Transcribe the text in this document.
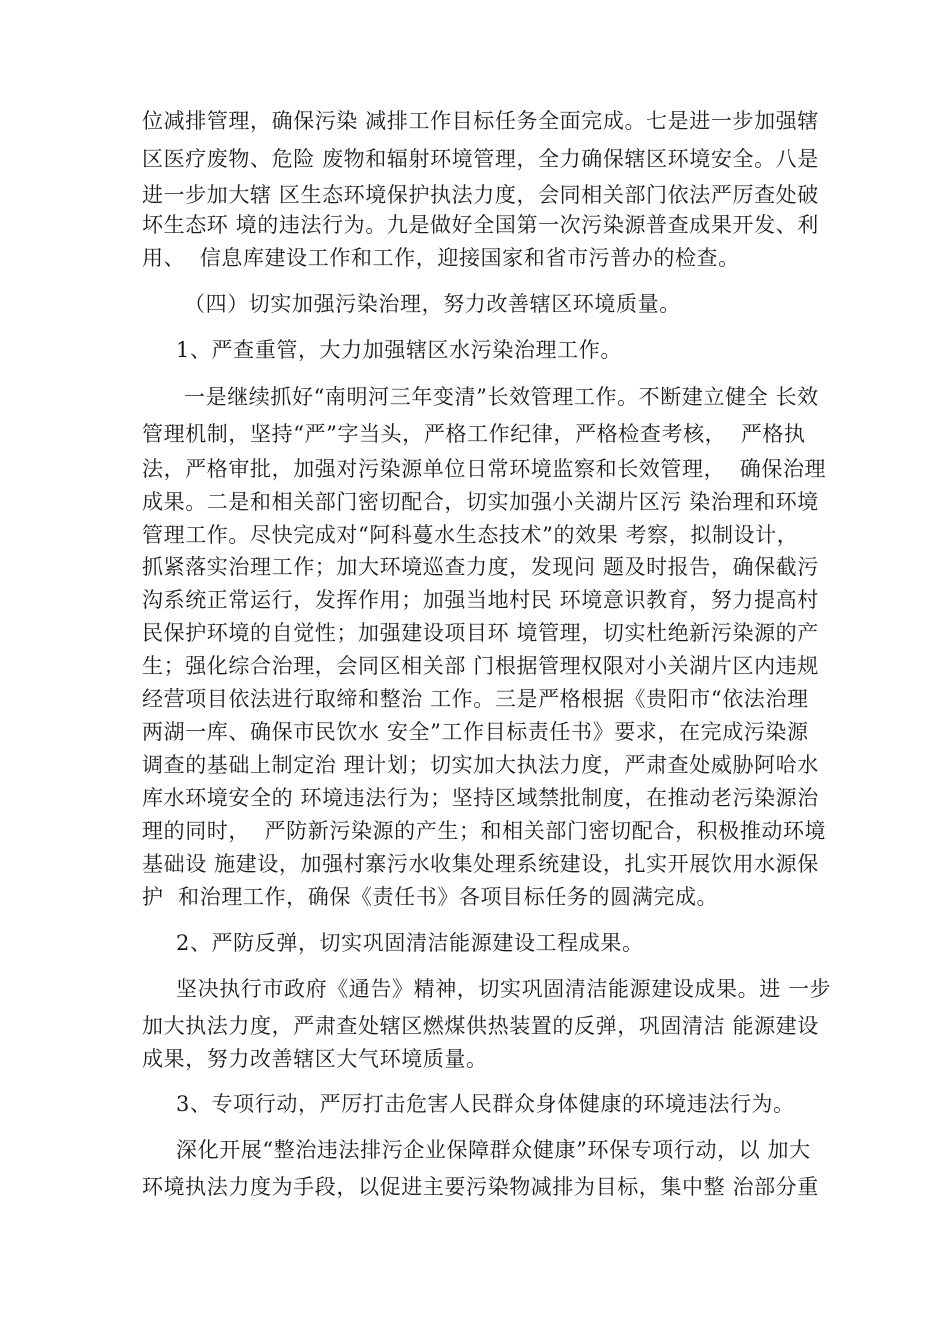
位减排管理，确保污染 减排工作目标任务全面完成。七是进一步加强辖
区医疗废物、危险 废物和辐射环境管理，全力确保辖区环境安全。八是
进一步加大辖 区生态环境保护执法力度，会同相关部门依法严厉查处破
坏生态环 境的违法行为。九是做好全国第一次污染源普查成果开发、利
用、  信息库建设工作和工作，迎接国家和省市污普办的检查。
（四）切实加强污染治理，努力改善辖区环境质量。
1、严查重管，大力加强辖区水污染治理工作。
一是继续抓好“南明河三年变清”长效管理工作。不断建立健全 长效
管理机制，坚持“严”字当头，严格工作纪律，严格检查考核，  严格执
法，严格审批，加强对污染源单位日常环境监察和长效管理，  确保治理
成果。二是和相关部门密切配合，切实加强小关湖片区污 染治理和环境
管理工作。尽快完成对“阿科蔓水生态技术”的效果 考察，拟制设计，
抓紧落实治理工作；加大环境巡查力度，发现问 题及时报告，确保截污
沟系统正常运行，发挥作用；加强当地村民 环境意识教育，努力提高村
民保护环境的自觉性；加强建设项目环 境管理，切实杜绝新污染源的产
生；强化综合治理，会同区相关部 门根据管理权限对小关湖片区内违规
经营项目依法进行取缔和整治 工作。三是严格根据《贵阳市“依法治理
两湖一库、确保市民饮水 安全”工作目标责任书》要求，在完成污染源
调查的基础上制定治 理计划；切实加大执法力度，严肃查处威胁阿哈水
库水环境安全的 环境违法行为；坚持区域禁批制度，在推动老污染源治
理的同时，  严防新污染源的产生；和相关部门密切配合，积极推动环境
基础设 施建设，加强村寨污水收集处理系统建设，扎实开展饮用水源保
护  和治理工作，确保《责任书》各项目标任务的圆满完成。
2、严防反弹，切实巩固清洁能源建设工程成果。
坚决执行市政府《通告》精神，切实巩固清洁能源建设成果。进 一步
加大执法力度，严肃查处辖区燃煤供热装置的反弹，巩固清洁 能源建设
成果，努力改善辖区大气环境质量。
3、专项行动，严厉打击危害人民群众身体健康的环境违法行为。
深化开展“整治违法排污企业保障群众健康”环保专项行动，以 加大
环境执法力度为手段，以促进主要污染物减排为目标，集中整 治部分重
